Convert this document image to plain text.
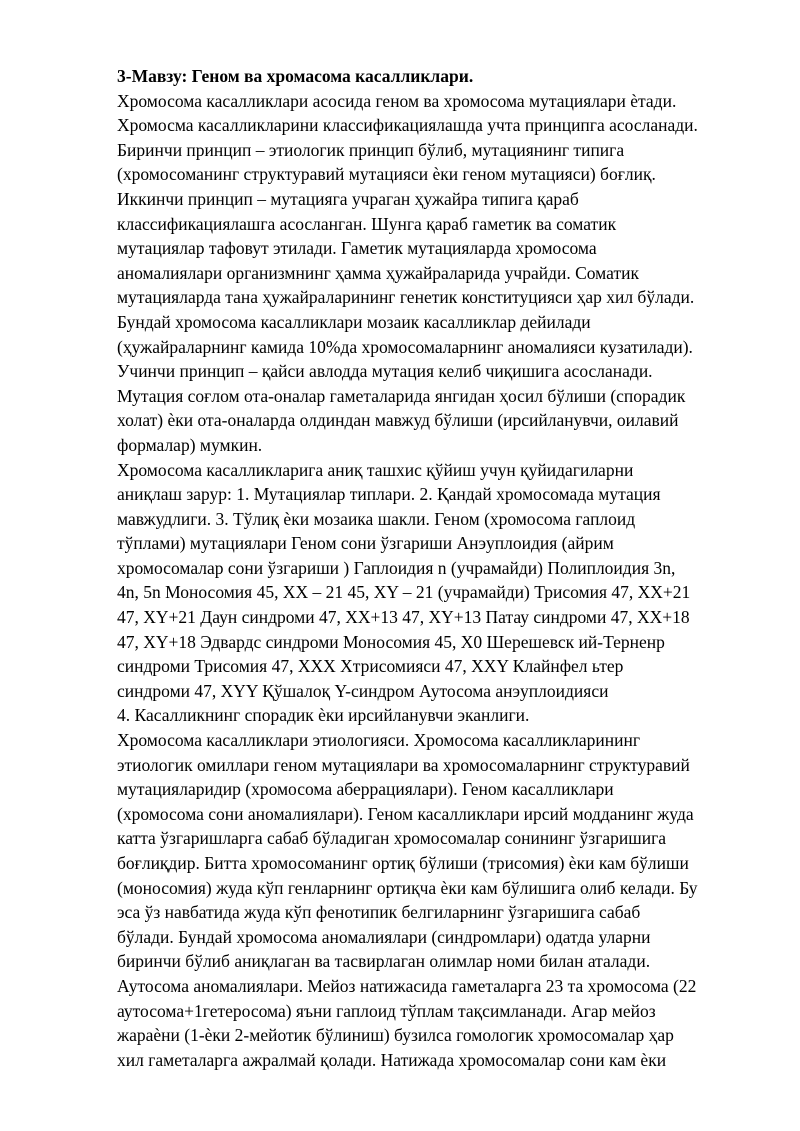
3-Мавзу: Геном ва хромасома касалликлари.
Хромосома касалликлари асосида геном ва хромосома мутациялари ѐтади.
Хромосма касалликларини классификациялашда учта принципга асосланади.
Биринчи принцип – этиологик принцип бўлиб, мутациянинг типига
(хромосоманинг структуравий мутацияси ѐки геном мутацияси) боғлиқ.
Иккинчи принцип – мутацияга учраган ҳужайра типига қараб
классификациялашга асосланган. Шунга қараб гаметик ва соматик
мутациялар тафовут этилади. Гаметик мутацияларда хромосома
аномалиялари организмнинг ҳамма ҳужайраларида учрайди. Соматик
мутацияларда тана ҳужайраларининг генетик конституцияси ҳар хил бўлади.
Бундай хромосома касалликлари мозаик касалликлар дейилади
(ҳужайраларнинг камида 10%да хромосомаларнинг аномалияси кузатилади).
Учинчи принцип – қайси авлодда мутация келиб чиқишига асосланади.
Мутация соғлом ота-оналар гаметаларида янгидан ҳосил бўлиши (спорадик
холат) ѐки ота-оналарда олдиндан мавжуд бўлиши (ирсийланувчи, оилавий
формалар) мумкин.
Хромосома касалликларига аниқ ташхис қўйиш учун қуйидагиларни
аниқлаш зарур: 1. Мутациялар типлари. 2. Қандай хромосомада мутация
мавжудлиги. 3. Тўлиқ ѐки мозаика шакли. Геном (хромосома гаплоид
тўплами) мутациялари Геном сони ўзгариши Анэуплоидия (айрим
хромосомалар сони ўзгариши ) Гаплоидия n (учрамайди) Полиплоидия 3n,
4n, 5n Моносомия 45, XX – 21 45, XY – 21 (учрамайди) Трисомия 47, XX+21
47, XY+21 Даун синдроми 47, XX+13 47, XY+13 Патау синдроми 47, XX+18
47, XY+18 Эдвардс синдроми Моносомия 45, X0 Шерешевск ий-Терненр
синдроми Трисомия 47, XXX Xтрисомияси 47, XXY Клайнфел ьтер
синдроми 47, XYY Қўшалоқ Y-синдром Аутосома анэуплоидияси
4. Касалликнинг спорадик ѐки ирсийланувчи эканлиги.
Хромосома касалликлари этиологияси. Хромосома касалликларининг
этиологик омиллари геном мутациялари ва хромосомаларнинг структуравий
мутацияларидир (хромосома аберрациялари). Геном касалликлари
(хромосома сони аномалиялари). Геном касалликлари ирсий модданинг жуда
катта ўзгаришларга сабаб бўладиган хромосомалар сонининг ўзгаришига
боғлиқдир. Битта хромосоманинг ортиқ бўлиши (трисомия) ѐки кам бўлиши
(моносомия) жуда кўп генларнинг ортиқча ѐки кам бўлишига олиб келади. Бу
эса ўз навбатида жуда кўп фенотипик белгиларнинг ўзгаришига сабаб
бўлади. Бундай хромосома аномалиялари (синдромлари) одатда уларни
биринчи бўлиб аниқлаган ва тасвирлаган олимлар номи билан аталади.
Аутосома аномалиялари. Мейоз натижасида гаметаларга 23 та хромосома (22
аутосома+1гетеросома) яъни гаплоид тўплам тақсимланади. Агар мейоз
жараѐни (1-ѐки 2-мейотик бўлиниш) бузилса гомологик хромосомалар ҳар
хил гаметаларга ажралмай қолади. Натижада хромосомалар сони кам ѐки
